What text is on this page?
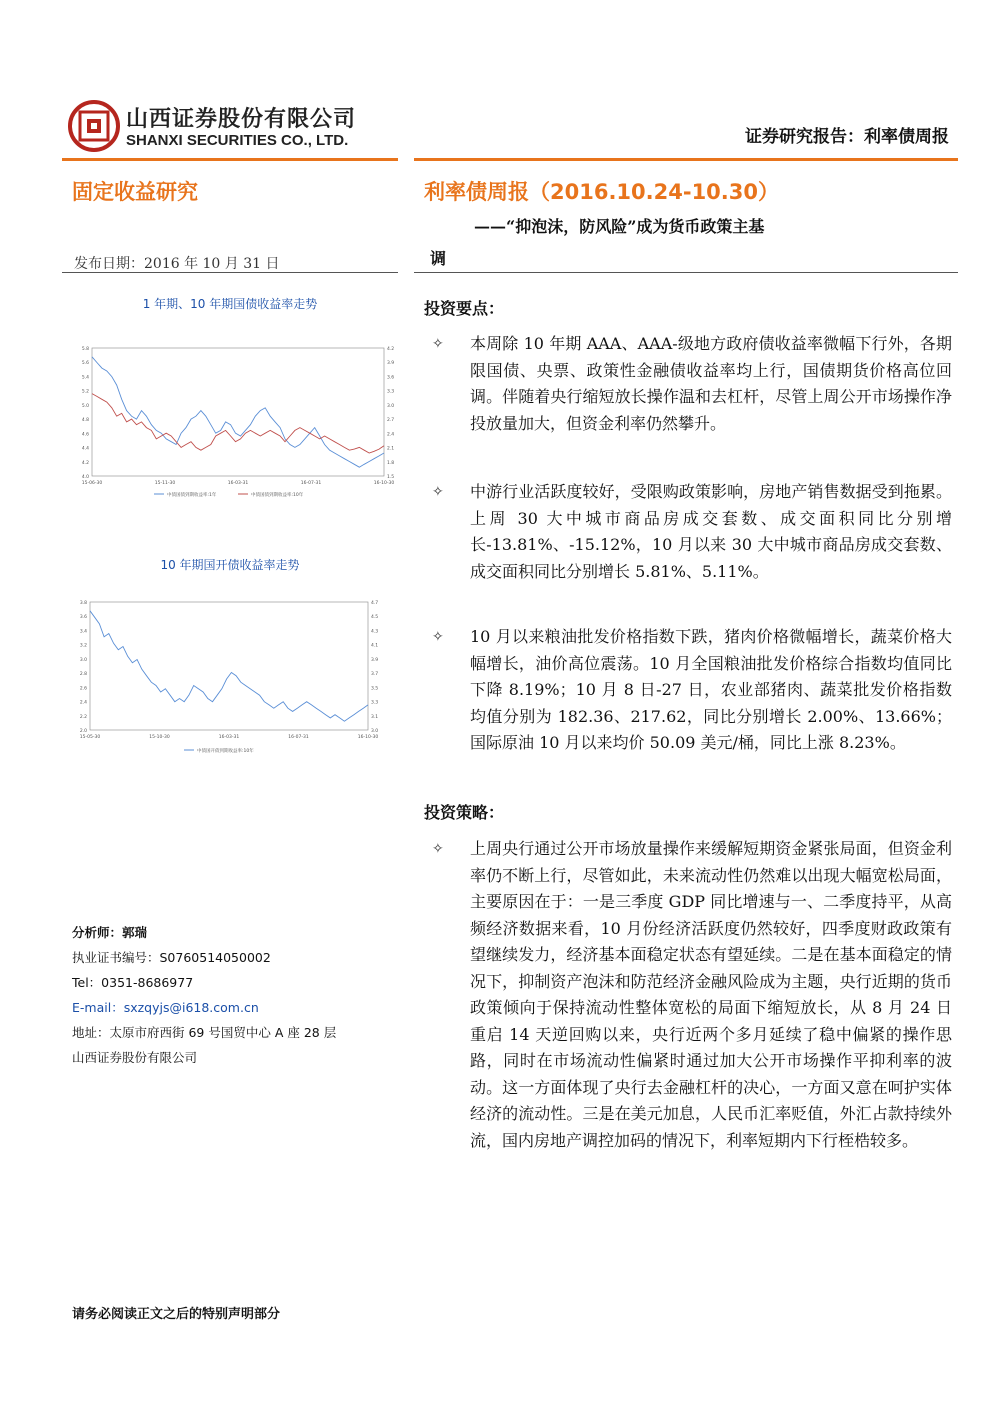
山西证券股份有限公司
SHANXI SECURITIES CO., LTD.	证券研究报告：利率债周报
固定收益研究	利率债周报（2016.10.24-10.30）
——“抑泡沫，防风险”成为货币政策主基
调
发布日期：2016 年 10 月 31 日
1 年期、10 年期国债收益率走势
5.8
5.6
5.4
5.2
5.0
4.8
4.6
4.4
4.2
4.0
4.2
3.9
3.6
3.3
3.0
2.7
2.4
2.1
1.8
1.5
15-06-30	15-11-30	16-03-31	16-07-31	16-10-30
中债国债到期收益率:1年	中债国债到期收益率:10年
10 年期国开债收益率走势
3.8
3.6
3.4
3.2
3.0
2.8
2.6
2.4
2.2
2.0
4.7
4.5
4.3
4.1
3.9
3.7
3.5
3.3
3.1
3.0
15-05-30	15-10-30	16-03-31	16-07-31	16-10-30
中债国开债到期收益率:10年
分析师：郭瑞
执业证书编号：S0760514050002
Tel：0351-8686977
E-mail：sxzqyjs@i618.com.cn
地址：太原市府西街 69 号国贸中心 A 座 28 层
山西证券股份有限公司
投资要点：
✧ 本周除 10 年期 AAA、AAA-级地方政府债收益率微幅下行外，各期限国债、央票、政策性金融债收益率均上行，国债期货价格高位回调。伴随着央行缩短放长操作温和去杠杆，尽管上周公开市场操作净投放量加大，但资金利率仍然攀升。
✧ 中游行业活跃度较好，受限购政策影响，房地产销售数据受到拖累。上周 30 大中城市商品房成交套数、成交面积同比分别增长-13.81%、-15.12%，10 月以来 30 大中城市商品房成交套数、成交面积同比分别增长 5.81%、5.11%。
✧ 10 月以来粮油批发价格指数下跌，猪肉价格微幅增长，蔬菜价格大幅增长，油价高位震荡。10 月全国粮油批发价格综合指数均值同比下降 8.19%；10 月 8 日-27 日，农业部猪肉、蔬菜批发价格指数均值分别为 182.36、217.62，同比分别增长 2.00%、13.66%；国际原油 10 月以来均价 50.09 美元/桶，同比上涨 8.23%。
投资策略：
✧ 上周央行通过公开市场放量操作来缓解短期资金紧张局面，但资金利率仍不断上行，尽管如此，未来流动性仍然难以出现大幅宽松局面，主要原因在于：一是三季度 GDP 同比增速与一、二季度持平，从高频经济数据来看，10 月份经济活跃度仍然较好，四季度财政政策有望继续发力，经济基本面稳定状态有望延续。二是在基本面稳定的情况下，抑制资产泡沫和防范经济金融风险成为主题，央行近期的货币政策倾向于保持流动性整体宽松的局面下缩短放长，从 8 月 24 日重启 14 天逆回购以来，央行近两个多月延续了稳中偏紧的操作思路，同时在市场流动性偏紧时通过加大公开市场操作平抑利率的波动。这一方面体现了央行去金融杠杆的决心，一方面又意在呵护实体经济的流动性。三是在美元加息，人民币汇率贬值，外汇占款持续外流，国内房地产调控加码的情况下，利率短期内下行桎梏较多。
请务必阅读正文之后的特别声明部分
